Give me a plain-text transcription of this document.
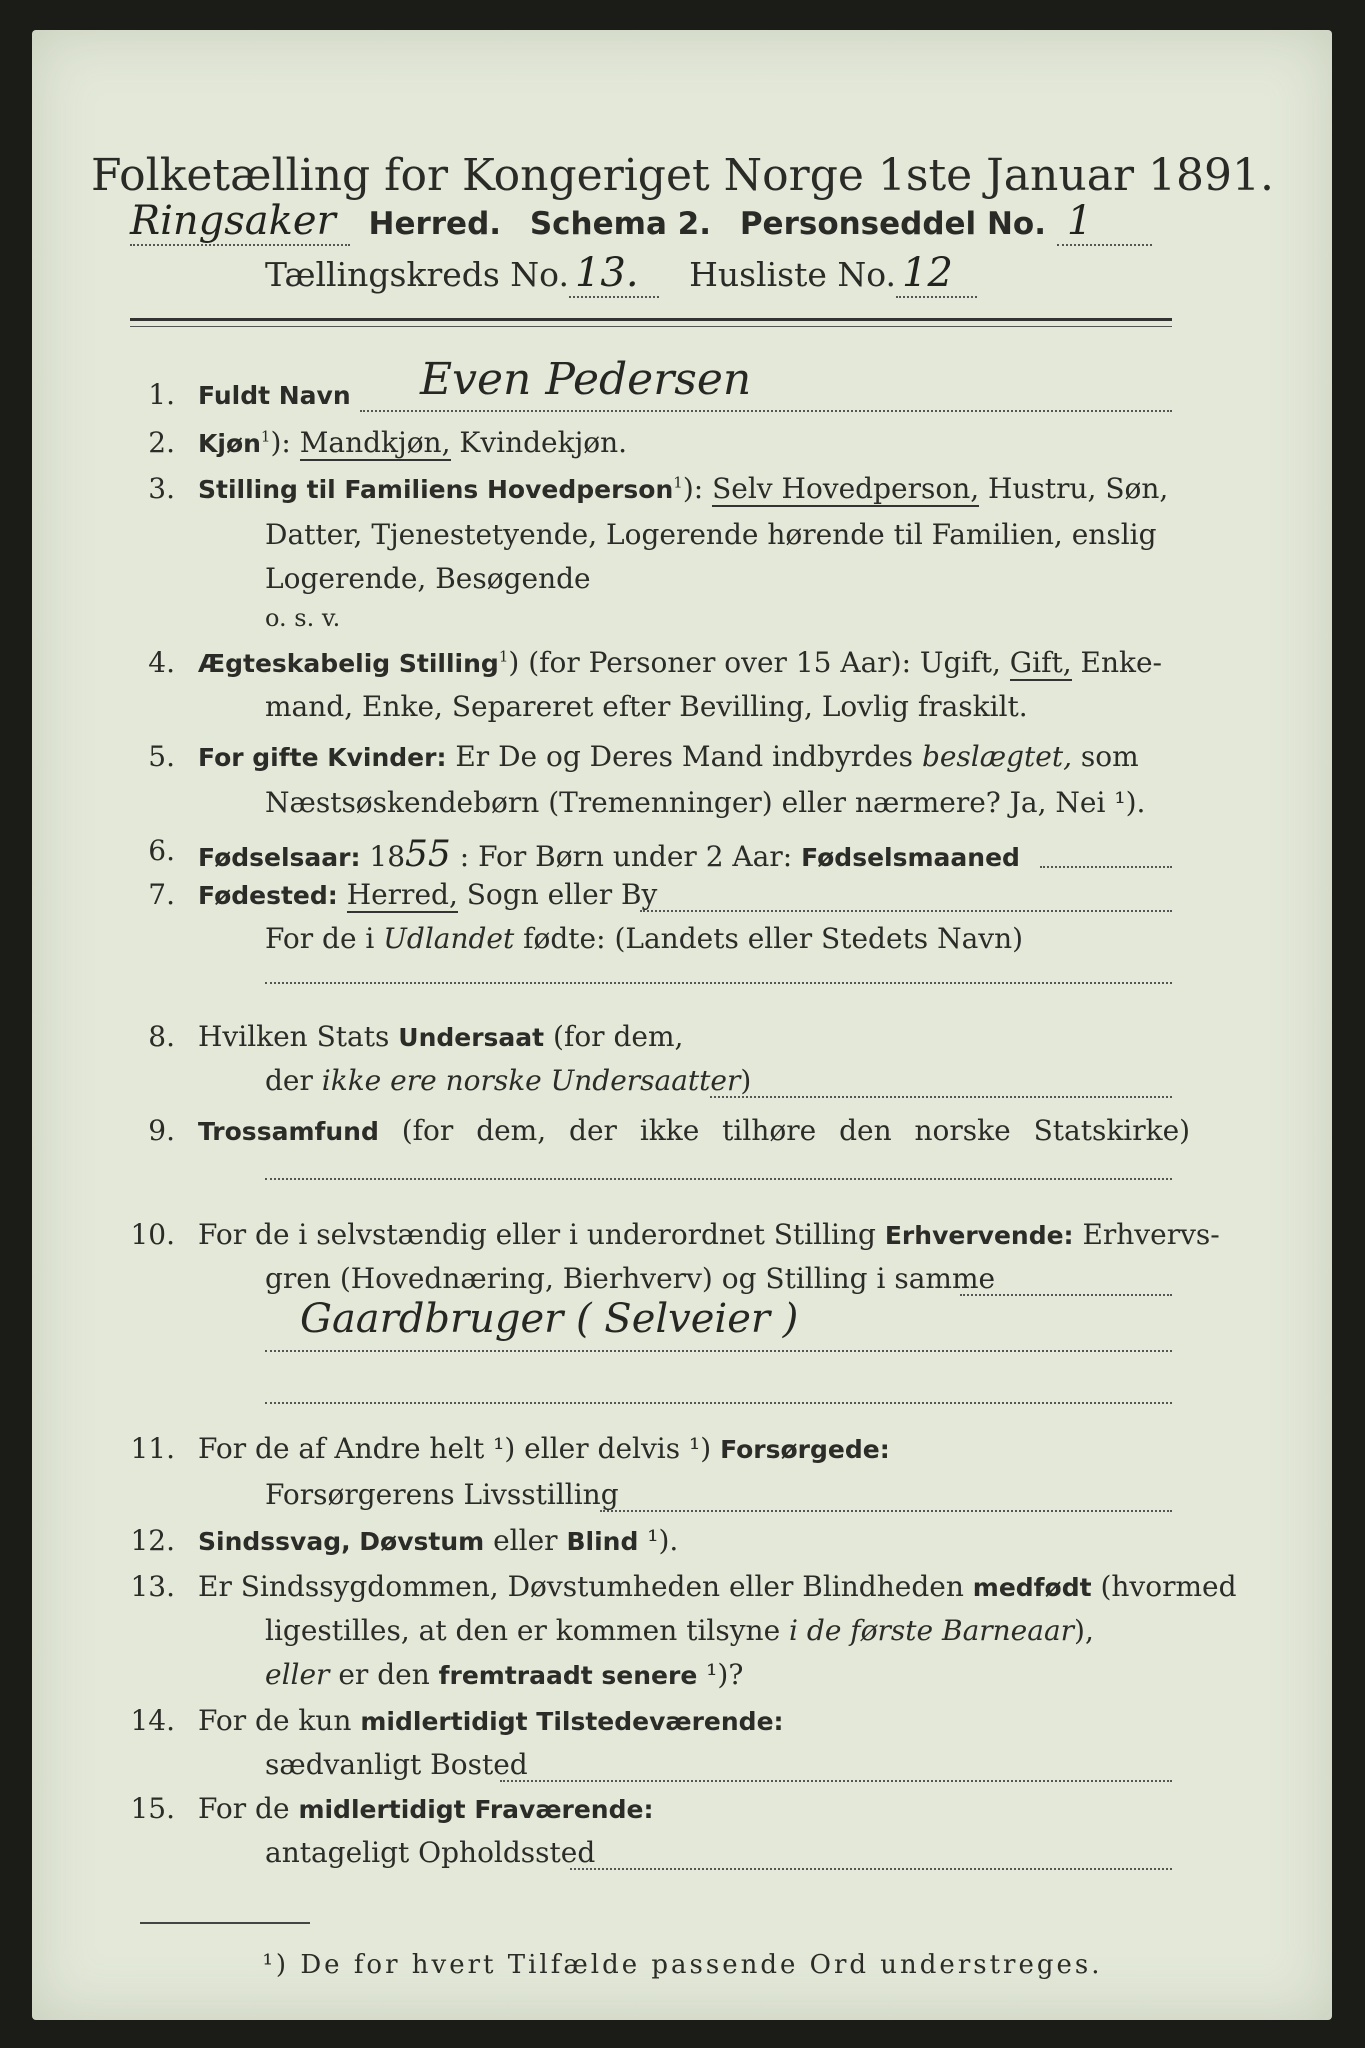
Folketælling for Kongeriget Norge 1ste Januar 1891.
Ringsaker Herred. Schema 2. Personseddel No. 1
Tællingskreds No. 13. Husliste No. 12
1. Fuldt Navn Even Pedersen
2. Kjøn$^1$): Mandkjøn, Kvindekjøn.
3. Stilling til Familiens Hovedperson$^1$): Selv Hovedperson, Hustru, Søn,
Datter, Tjenestetyende, Logerende hørende til Familien, enslig
Logerende, Besøgende
o. s. v.
4. Ægteskabelig Stilling$^1$) (for Personer over 15 Aar): Ugift, Gift, Enke-
mand, Enke, Separeret efter Bevilling, Lovlig fraskilt.
5. For gifte Kvinder: Er De og Deres Mand indbyrdes beslægtet, som
Næstsøskendebørn (Tremenninger) eller nærmere? Ja, Nei ¹).
6. Fødselsaar: 1855 : For Børn under 2 Aar: Fødselsmaaned
7. Fødested: Herred, Sogn eller By
For de i Udlandet fødte: (Landets eller Stedets Navn)
8. Hvilken Stats Undersaat (for dem,
der ikke ere norske Undersaatter)
9. Trossamfund (for dem, der ikke tilhøre den norske Statskirke)
10. For de i selvstændig eller i underordnet Stilling Erhvervende: Erhvervs-
gren (Hovednæring, Bierhverv) og Stilling i samme
Gaardbruger ( Selveier )
11. For de af Andre helt ¹) eller delvis ¹) Forsørgede:
Forsørgerens Livsstilling
12. Sindssvag, Døvstum eller Blind ¹).
13. Er Sindssygdommen, Døvstumheden eller Blindheden medfødt (hvormed
ligestilles, at den er kommen tilsyne i de første Barneaar),
eller er den fremtraadt senere ¹)?
14. For de kun midlertidigt Tilstedeværende:
sædvanligt Bosted
15. For de midlertidigt Fraværende:
antageligt Opholdssted
¹) De for hvert Tilfælde passende Ord understreges.
